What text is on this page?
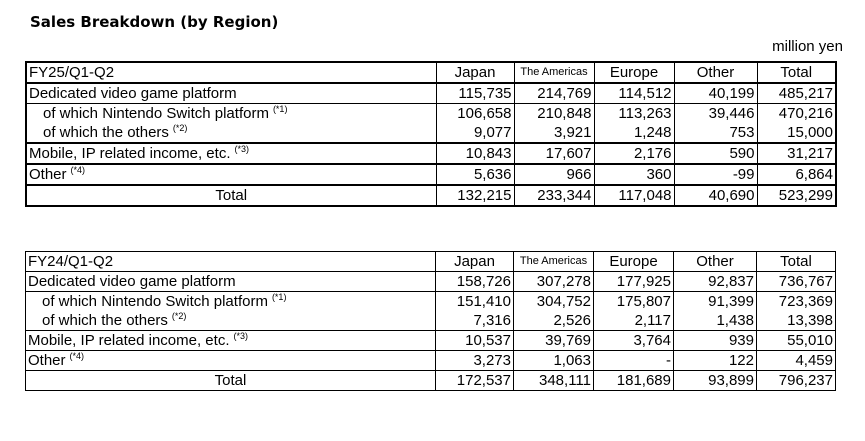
Sales Breakdown (by Region)
million yen
FY25/Q1-Q2	Japan	The Americas	Europe	Other	Total
Dedicated video game platform	115,735	214,769	114,512	40,199	485,217
of which Nintendo Switch platform $^{(*1)}$	106,658	210,848	113,263	39,446	470,216
of which the others $^{(*2)}$	9,077	3,921	1,248	753	15,000
Mobile, IP related income, etc. $^{(*3)}$	10,843	17,607	2,176	590	31,217
Other $^{(*4)}$	5,636	966	360	-99	6,864
Total	132,215	233,344	117,048	40,690	523,299
FY24/Q1-Q2	Japan	The Americas	Europe	Other	Total
Dedicated video game platform	158,726	307,278	177,925	92,837	736,767
of which Nintendo Switch platform $^{(*1)}$	151,410	304,752	175,807	91,399	723,369
of which the others $^{(*2)}$	7,316	2,526	2,117	1,438	13,398
Mobile, IP related income, etc. $^{(*3)}$	10,537	39,769	3,764	939	55,010
Other $^{(*4)}$	3,273	1,063	-	122	4,459
Total	172,537	348,111	181,689	93,899	796,237
